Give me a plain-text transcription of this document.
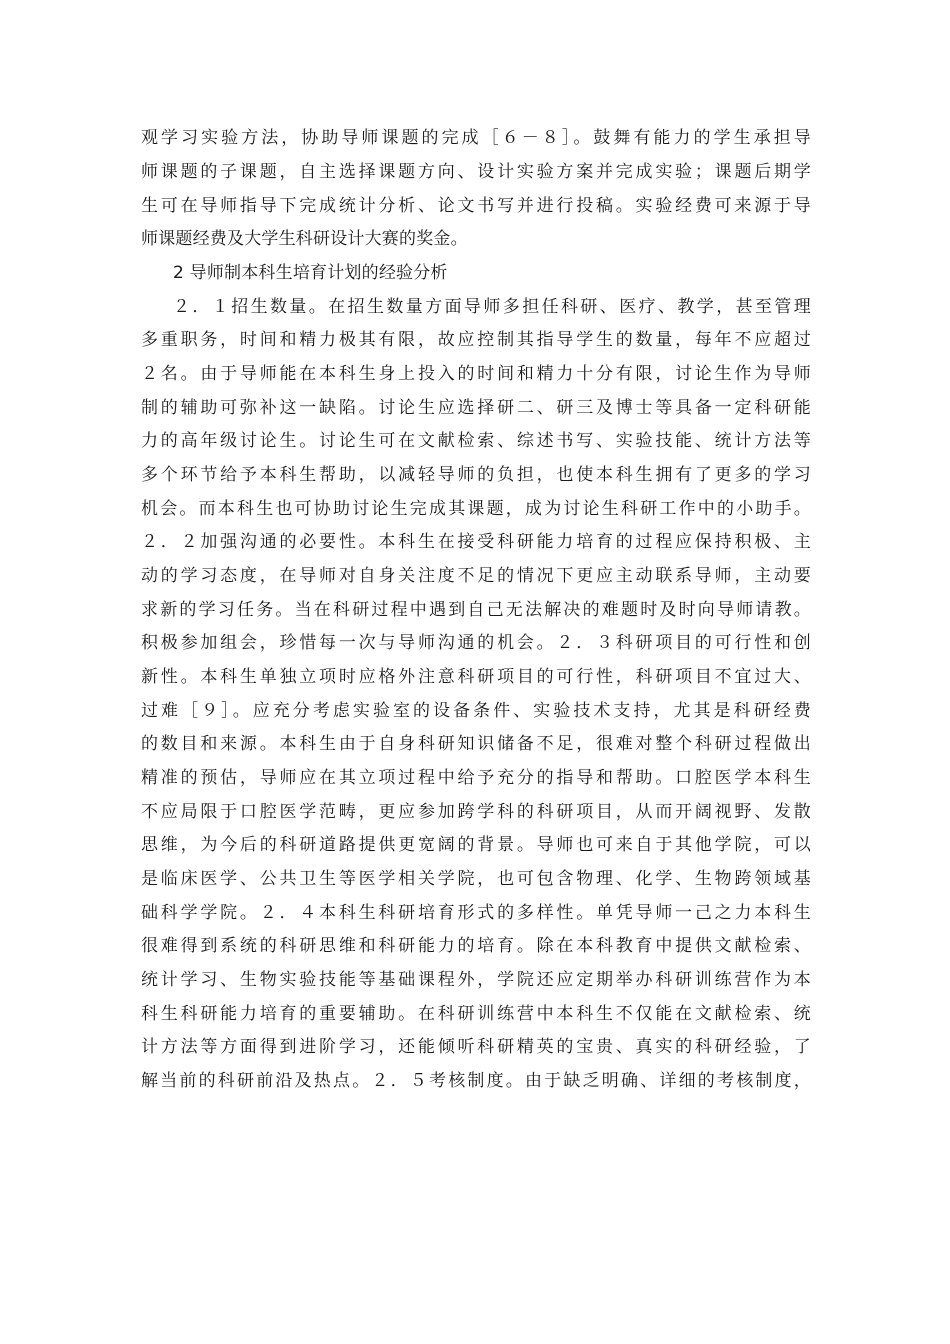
观学习实验方法，协助导师课题的完成［６－８］。鼓舞有能力的学生承担导
师课题的子课题，自主选择课题方向、设计实验方案并完成实验；课题后期学
生可在导师指导下完成统计分析、论文书写并进行投稿。实验经费可来源于导
师课题经费及大学生科研设计大赛的奖金。
2 导师制本科生培育计划的经验分析
２．１招生数量。在招生数量方面导师多担任科研、医疗、教学，甚至管理
多重职务，时间和精力极其有限，故应控制其指导学生的数量，每年不应超过
２名。由于导师能在本科生身上投入的时间和精力十分有限，讨论生作为导师
制的辅助可弥补这一缺陷。讨论生应选择研二、研三及博士等具备一定科研能
力的高年级讨论生。讨论生可在文献检索、综述书写、实验技能、统计方法等
多个环节给予本科生帮助，以减轻导师的负担，也使本科生拥有了更多的学习
机会。而本科生也可协助讨论生完成其课题，成为讨论生科研工作中的小助手。
２．２加强沟通的必要性。本科生在接受科研能力培育的过程应保持积极、主
动的学习态度，在导师对自身关注度不足的情况下更应主动联系导师，主动要
求新的学习任务。当在科研过程中遇到自己无法解决的难题时及时向导师请教。
积极参加组会，珍惜每一次与导师沟通的机会。２．３科研项目的可行性和创
新性。本科生单独立项时应格外注意科研项目的可行性，科研项目不宜过大、
过难［９］。应充分考虑实验室的设备条件、实验技术支持，尤其是科研经费
的数目和来源。本科生由于自身科研知识储备不足，很难对整个科研过程做出
精准的预估，导师应在其立项过程中给予充分的指导和帮助。口腔医学本科生
不应局限于口腔医学范畴，更应参加跨学科的科研项目，从而开阔视野、发散
思维，为今后的科研道路提供更宽阔的背景。导师也可来自于其他学院，可以
是临床医学、公共卫生等医学相关学院，也可包含物理、化学、生物跨领域基
础科学学院。２．４本科生科研培育形式的多样性。单凭导师一己之力本科生
很难得到系统的科研思维和科研能力的培育。除在本科教育中提供文献检索、
统计学习、生物实验技能等基础课程外，学院还应定期举办科研训练营作为本
科生科研能力培育的重要辅助。在科研训练营中本科生不仅能在文献检索、统
计方法等方面得到进阶学习，还能倾听科研精英的宝贵、真实的科研经验，了
解当前的科研前沿及热点。２．５考核制度。由于缺乏明确、详细的考核制度，
